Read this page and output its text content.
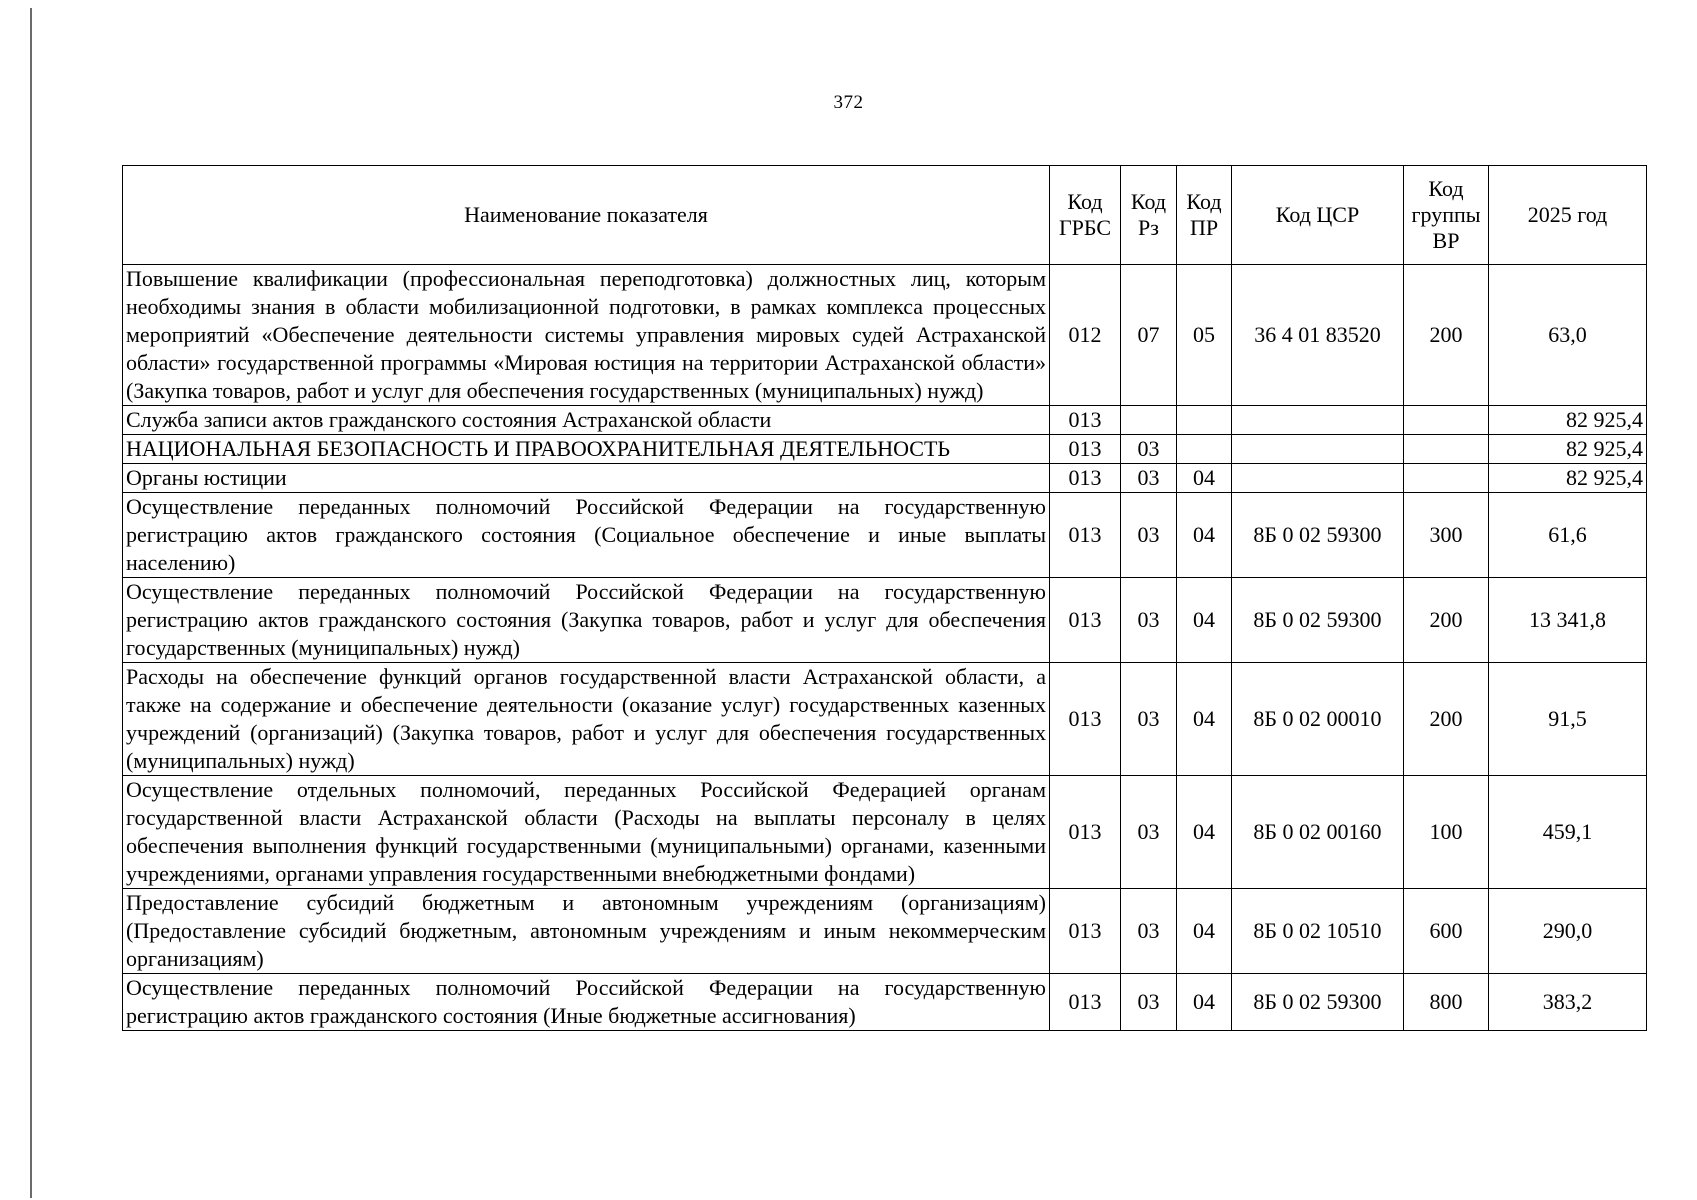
372
Наименование показателя	Код ГРБС	Код Рз	Код ПР	Код ЦСР	Код группы ВР	2025 год
Повышение квалификации (профессиональная переподготовка) должностных лиц, которым необходимы знания в области мобилизационной подготовки, в рамках комплекса процессных мероприятий «Обеспечение деятельности системы управления мировых судей Астраханской области» государственной программы «Мировая юстиция на территории Астраханской области» (Закупка товаров, работ и услуг для обеспечения государственных (муниципальных) нужд)	012	07	05	36 4 01 83520	200	63,0
Служба записи актов гражданского состояния Астраханской области	013					82 925,4
НАЦИОНАЛЬНАЯ БЕЗОПАСНОСТЬ И ПРАВООХРАНИТЕЛЬНАЯ ДЕЯТЕЛЬНОСТЬ	013	03				82 925,4
Органы юстиции	013	03	04			82 925,4
Осуществление переданных полномочий Российской Федерации на государственную регистрацию актов гражданского состояния (Социальное обеспечение и иные выплаты населению)	013	03	04	8Б 0 02 59300	300	61,6
Осуществление переданных полномочий Российской Федерации на государственную регистрацию актов гражданского состояния (Закупка товаров, работ и услуг для обеспечения государственных (муниципальных) нужд)	013	03	04	8Б 0 02 59300	200	13 341,8
Расходы на обеспечение функций органов государственной власти Астраханской области, а также на содержание и обеспечение деятельности (оказание услуг) государственных казенных учреждений (организаций) (Закупка товаров, работ и услуг для обеспечения государственных (муниципальных) нужд)	013	03	04	8Б 0 02 00010	200	91,5
Осуществление отдельных полномочий, переданных Российской Федерацией органам государственной власти Астраханской области (Расходы на выплаты персоналу в целях обеспечения выполнения функций государственными (муниципальными) органами, казенными учреждениями, органами управления государственными внебюджетными фондами)	013	03	04	8Б 0 02 00160	100	459,1
Предоставление субсидий бюджетным и автономным учреждениям (организациям) (Предоставление субсидий бюджетным, автономным учреждениям и иным некоммерческим организациям)	013	03	04	8Б 0 02 10510	600	290,0
Осуществление переданных полномочий Российской Федерации на государственную регистрацию актов гражданского состояния (Иные бюджетные ассигнования)	013	03	04	8Б 0 02 59300	800	383,2
